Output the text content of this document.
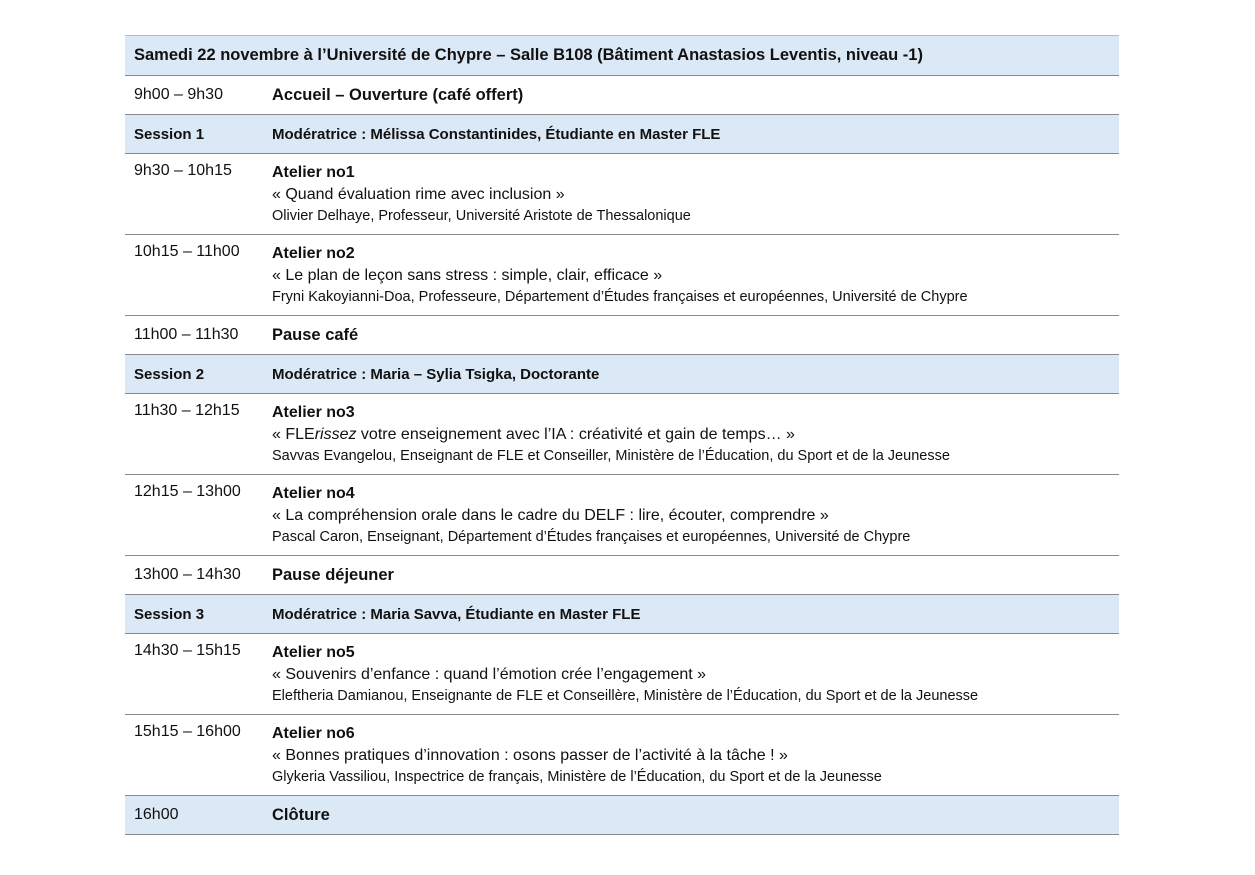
Samedi 22 novembre à l’Université de Chypre – Salle B108 (Bâtiment Anastasios Leventis, niveau -1)
9h00 – 9h30	Accueil – Ouverture (café offert)
Session 1	Modératrice : Mélissa Constantinides, Étudiante en Master FLE
9h30 – 10h15	Atelier no1
« Quand évaluation rime avec inclusion »
Olivier Delhaye, Professeur, Université Aristote de Thessalonique
10h15 – 11h00	Atelier no2
« Le plan de leçon sans stress : simple, clair, efficace »
Fryni Kakoyianni-Doa, Professeure, Département d’Études françaises et européennes, Université de Chypre
11h00 – 11h30	Pause café
Session 2	Modératrice : Maria – Sylia Tsigka, Doctorante
11h30 – 12h15	Atelier no3
« FLErissez votre enseignement avec l’IA : créativité et gain de temps… »
Savvas Evangelou, Enseignant de FLE et Conseiller, Ministère de l’Éducation, du Sport et de la Jeunesse
12h15 – 13h00	Atelier no4
« La compréhension orale dans le cadre du DELF : lire, écouter, comprendre »
Pascal Caron, Enseignant, Département d’Études françaises et européennes, Université de Chypre
13h00 – 14h30	Pause déjeuner
Session 3	Modératrice : Maria Savva, Étudiante en Master FLE
14h30 – 15h15	Atelier no5
« Souvenirs d’enfance : quand l’émotion crée l’engagement »
Eleftheria Damianou, Enseignante de FLE et Conseillère, Ministère de l’Éducation, du Sport et de la Jeunesse
15h15 – 16h00	Atelier no6
« Bonnes pratiques d’innovation : osons passer de l’activité à la tâche ! »
Glykeria Vassiliou, Inspectrice de français, Ministère de l’Éducation, du Sport et de la Jeunesse
16h00	Clôture
